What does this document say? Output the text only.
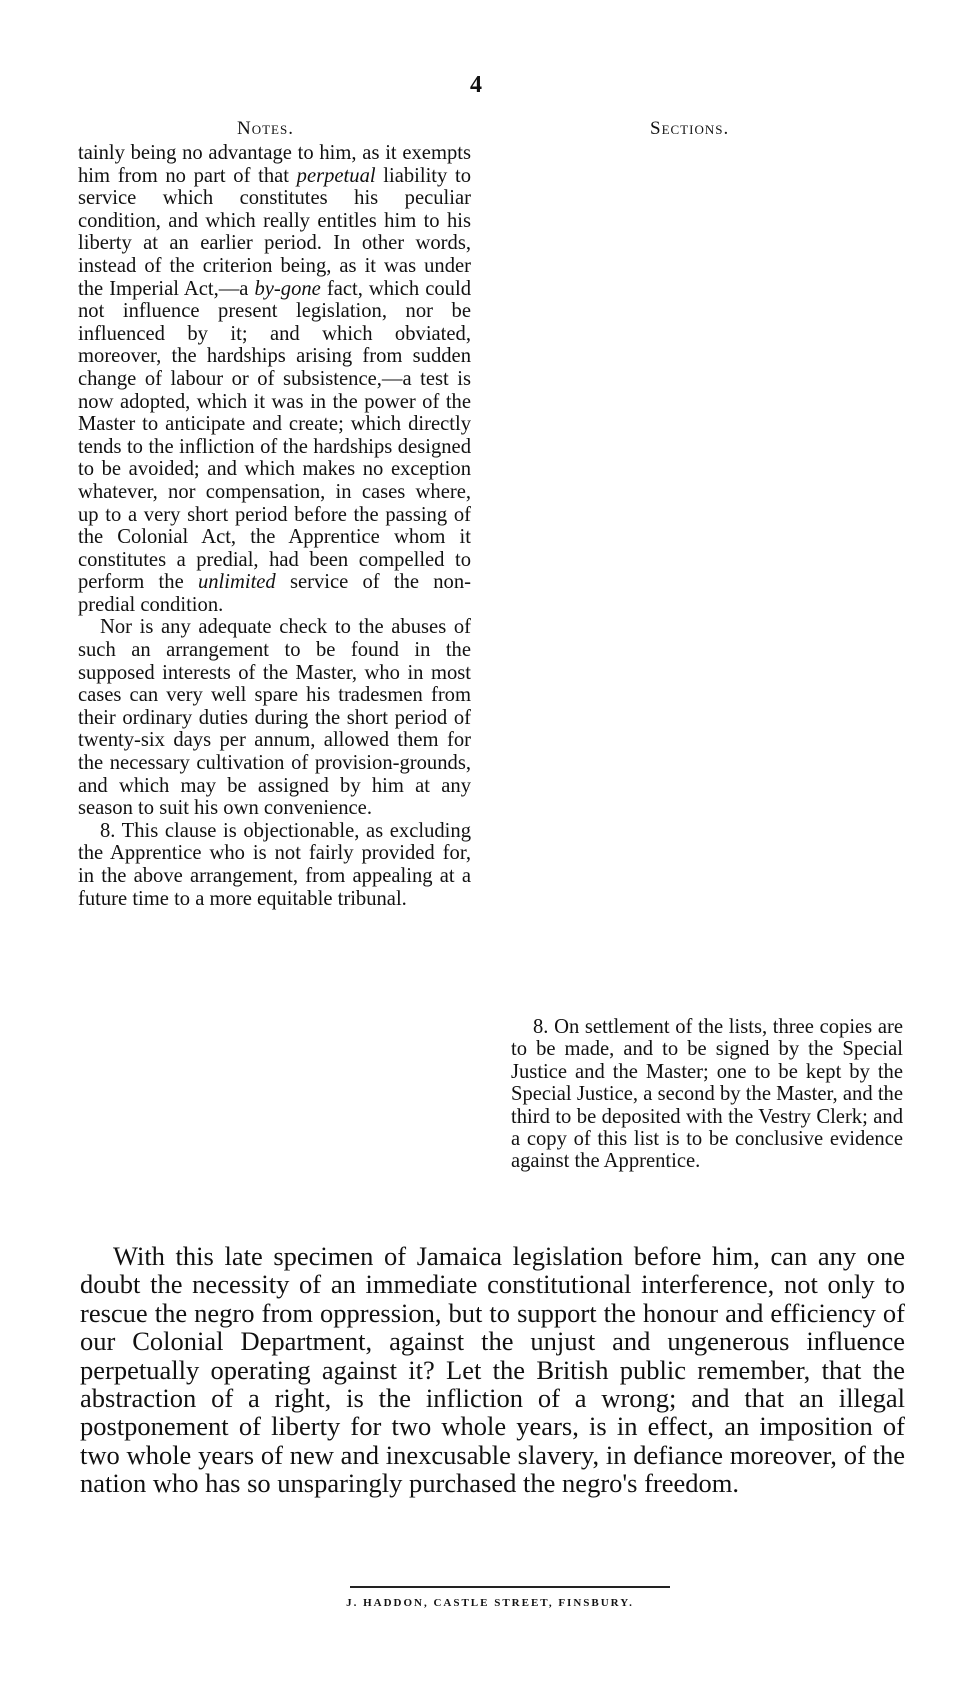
4
Notes.	Sections.

tainly being no advantage to him, as it exempts him from no part of that perpetual liability to service which constitutes his peculiar condition, and which really entitles him to his liberty at an earlier period. In other words, instead of the criterion being, as it was under the Imperial Act,—a by-gone fact, which could not influence present legislation, nor be influenced by it; and which obviated, moreover, the hardships arising from sudden change of labour or of subsistence,—a test is now adopted, which it was in the power of the Master to anticipate and create; which directly tends to the infliction of the hardships designed to be avoided; and which makes no exception whatever, nor compensation, in cases where, up to a very short period before the passing of the Colonial Act, the Apprentice whom it constitutes a predial, had been compelled to perform the unlimited service of the non-predial condition.

Nor is any adequate check to the abuses of such an arrangement to be found in the supposed interests of the Master, who in most cases can very well spare his tradesmen from their ordinary duties during the short period of twenty-six days per annum, allowed them for the necessary cultivation of provision-grounds, and which may be assigned by him at any season to suit his own convenience.

8. This clause is objectionable, as excluding the Apprentice who is not fairly provided for, in the above arrangement, from appealing at a future time to a more equitable tribunal.

8. On settlement of the lists, three copies are to be made, and to be signed by the Special Justice and the Master; one to be kept by the Special Justice, a second by the Master, and the third to be deposited with the Vestry Clerk; and a copy of this list is to be conclusive evidence against the Apprentice.

With this late specimen of Jamaica legislation before him, can any one doubt the necessity of an immediate constitutional interference, not only to rescue the negro from oppression, but to support the honour and efficiency of our Colonial Department, against the unjust and ungenerous influence perpetually operating against it? Let the British public remember, that the abstraction of a right, is the infliction of a wrong; and that an illegal postponement of liberty for two whole years, is in effect, an imposition of two whole years of new and inexcusable slavery, in defiance moreover, of the nation who has so unsparingly purchased the negro's freedom.

J. HADDON, CASTLE STREET, FINSBURY.
